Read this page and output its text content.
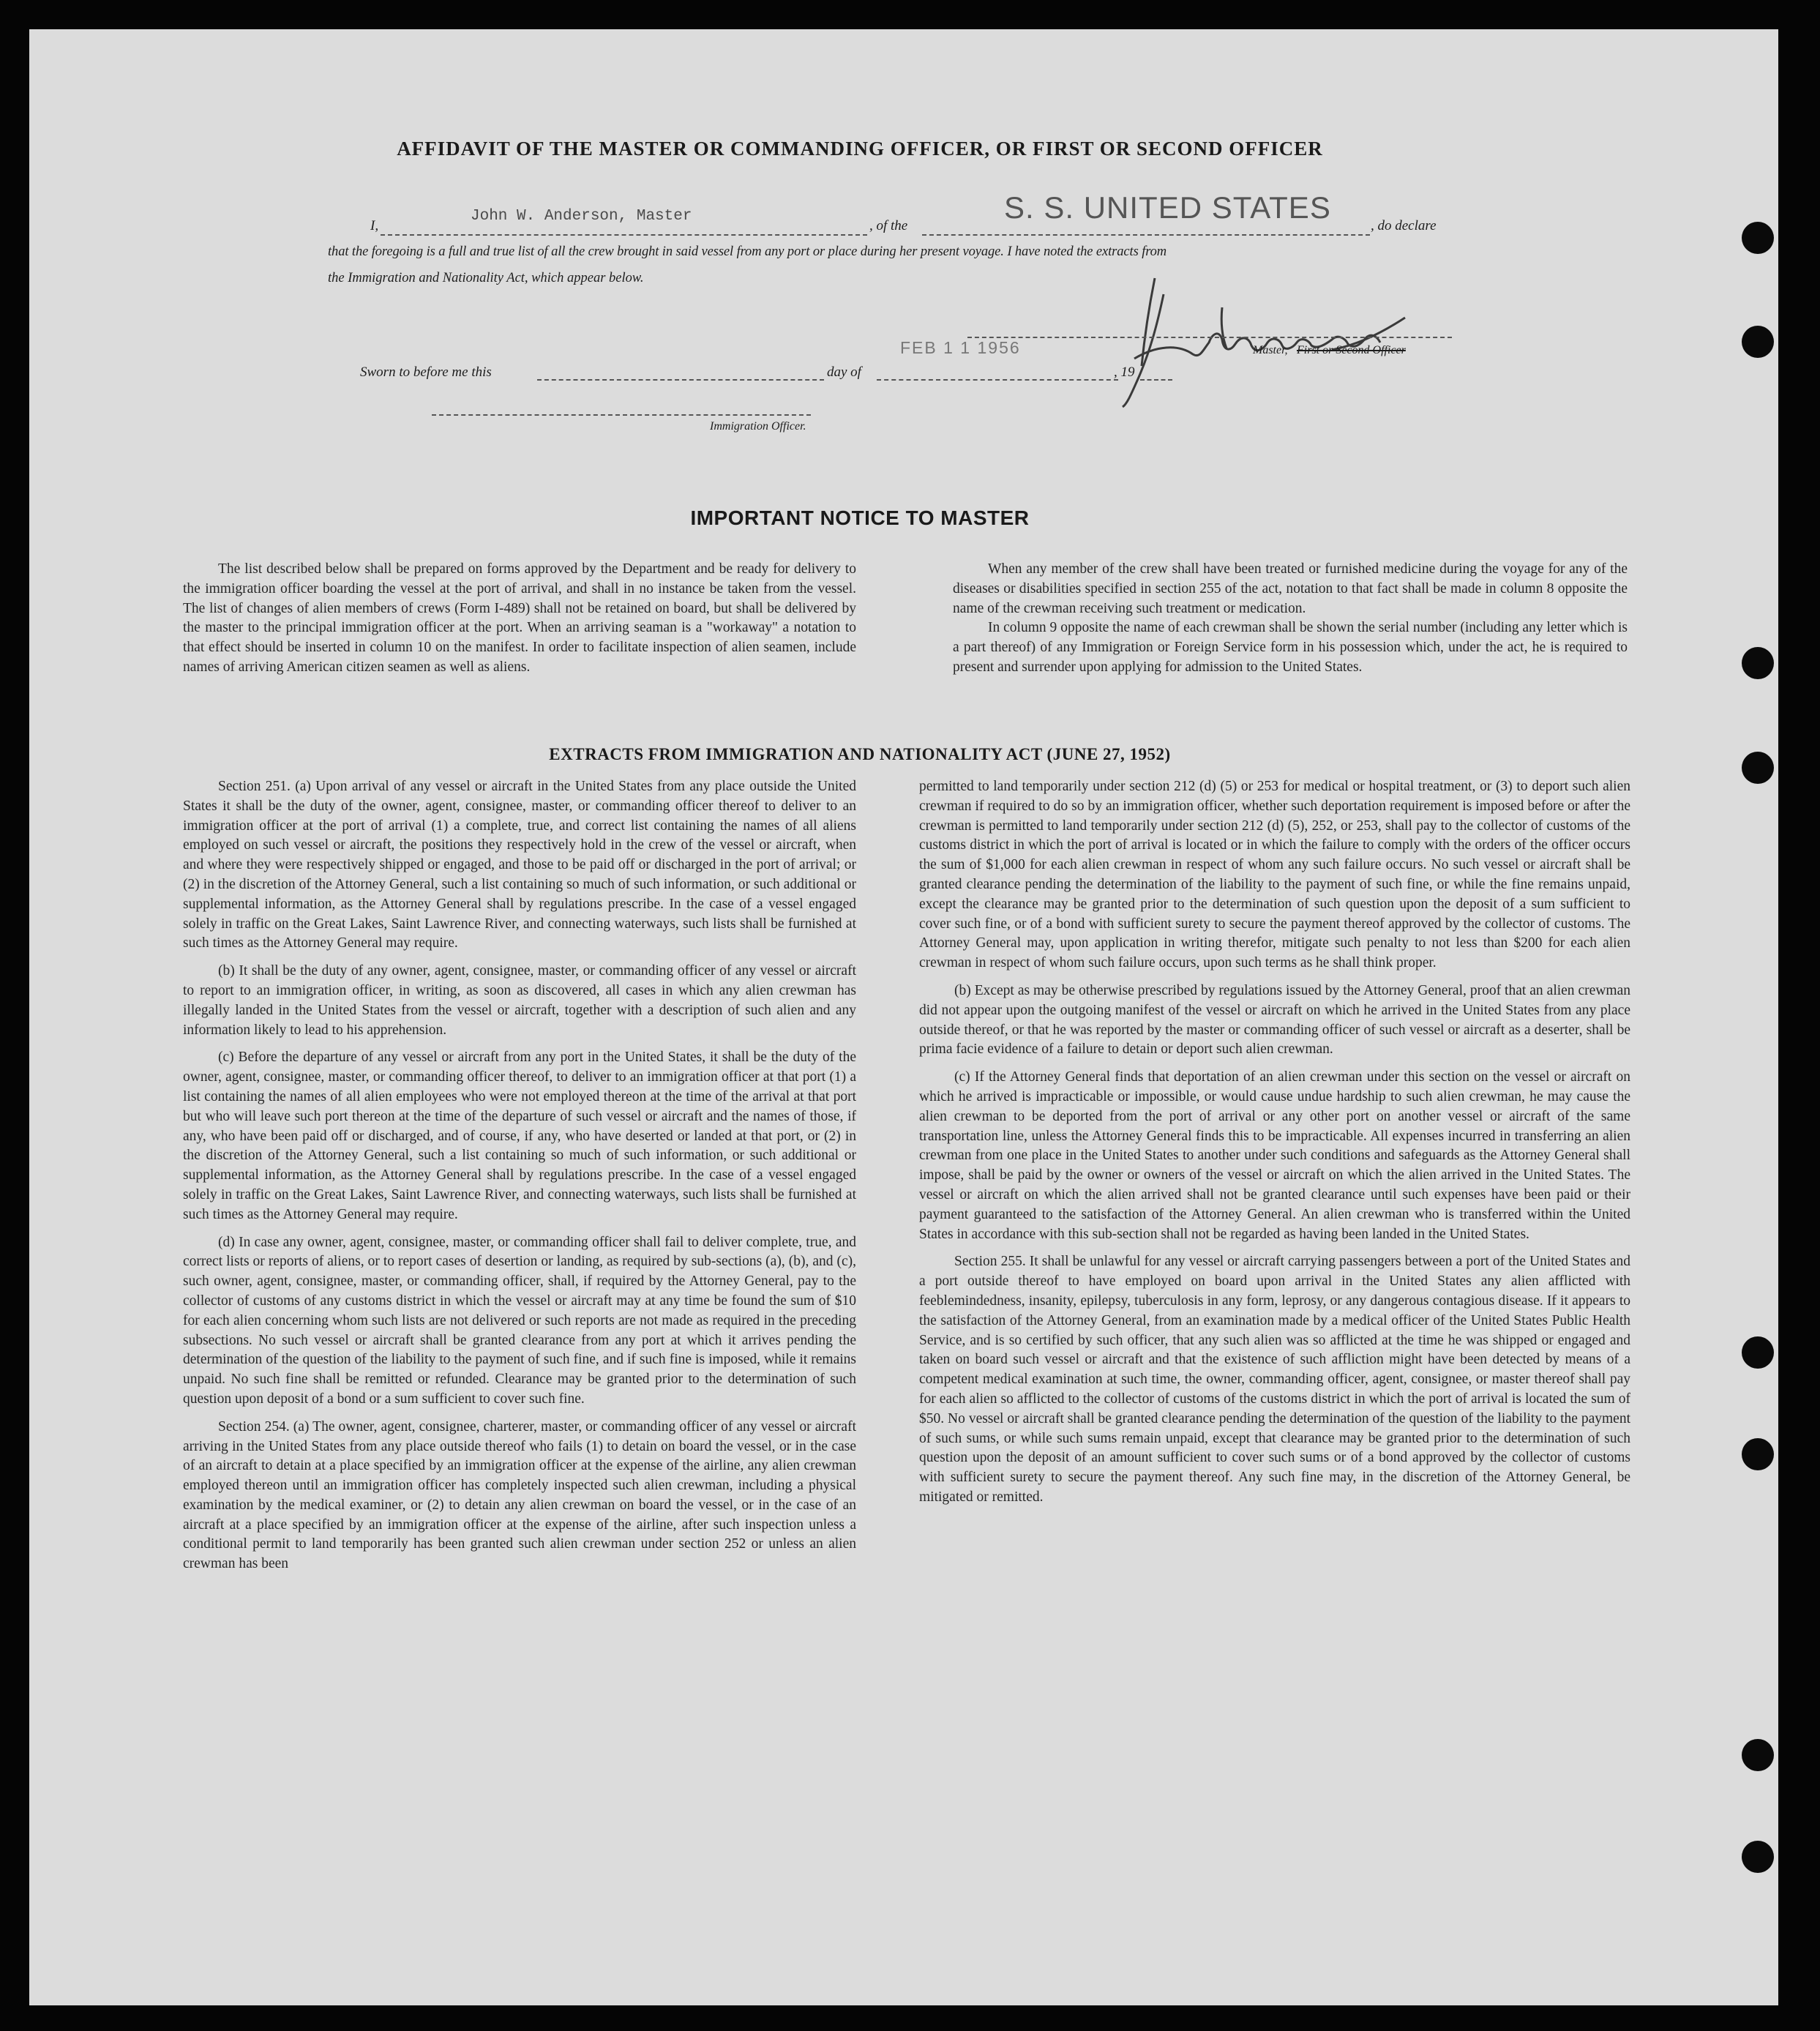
AFFIDAVIT OF THE MASTER OR COMMANDING OFFICER, OR FIRST OR SECOND OFFICER
I,
John W. Anderson, Master
, of the
S. S. UNITED STATES
, do declare
that the foregoing is a full and true list of all the crew brought in said vessel from any port or place during her present voyage. I have noted the extracts from
the Immigration and Nationality Act, which appear below.
Master, First or Second Officer
Sworn to before me this	day of
FEB 1 1 1956
, 19
Immigration Officer.
IMPORTANT NOTICE TO MASTER

The list described below shall be prepared on forms approved by the Department and be ready for delivery to the immigration officer boarding the vessel at the port of arrival, and shall in no instance be taken from the vessel. The list of changes of alien members of crews (Form I-489) shall not be retained on board, but shall be delivered by the master to the principal immigration officer at the port. When an arriving seaman is a "workaway" a notation to that effect should be inserted in column 10 on the manifest. In order to facilitate inspection of alien seamen, include names of arriving American citizen seamen as well as aliens.

When any member of the crew shall have been treated or furnished medicine during the voyage for any of the diseases or disabilities specified in section 255 of the act, notation to that fact shall be made in column 8 opposite the name of the crewman receiving such treatment or medication.

In column 9 opposite the name of each crewman shall be shown the serial number (including any letter which is a part thereof) of any Immigration or Foreign Service form in his possession which, under the act, he is required to present and surrender upon applying for admission to the United States.

EXTRACTS FROM IMMIGRATION AND NATIONALITY ACT (JUNE 27, 1952)

Section 251. (a) Upon arrival of any vessel or aircraft in the United States from any place outside the United States it shall be the duty of the owner, agent, consignee, master, or commanding officer thereof to deliver to an immigration officer at the port of arrival (1) a complete, true, and correct list containing the names of all aliens employed on such vessel or aircraft, the positions they respectively hold in the crew of the vessel or aircraft, when and where they were respectively shipped or engaged, and those to be paid off or discharged in the port of arrival; or (2) in the discretion of the Attorney General, such a list containing so much of such information, or such additional or supplemental information, as the Attorney General shall by regulations prescribe. In the case of a vessel engaged solely in traffic on the Great Lakes, Saint Lawrence River, and connecting waterways, such lists shall be furnished at such times as the Attorney General may require.

(b) It shall be the duty of any owner, agent, consignee, master, or commanding officer of any vessel or aircraft to report to an immigration officer, in writing, as soon as discovered, all cases in which any alien crewman has illegally landed in the United States from the vessel or aircraft, together with a description of such alien and any information likely to lead to his apprehension.

(c) Before the departure of any vessel or aircraft from any port in the United States, it shall be the duty of the owner, agent, consignee, master, or commanding officer thereof, to deliver to an immigration officer at that port (1) a list containing the names of all alien employees who were not employed thereon at the time of the arrival at that port but who will leave such port thereon at the time of the departure of such vessel or aircraft and the names of those, if any, who have been paid off or discharged, and of course, if any, who have deserted or landed at that port, or (2) in the discretion of the Attorney General, such a list containing so much of such information, or such additional or supplemental information, as the Attorney General shall by regulations prescribe. In the case of a vessel engaged solely in traffic on the Great Lakes, Saint Lawrence River, and connecting waterways, such lists shall be furnished at such times as the Attorney General may require.

(d) In case any owner, agent, consignee, master, or commanding officer shall fail to deliver complete, true, and correct lists or reports of aliens, or to report cases of desertion or landing, as required by sub-sections (a), (b), and (c), such owner, agent, consignee, master, or commanding officer, shall, if required by the Attorney General, pay to the collector of customs of any customs district in which the vessel or aircraft may at any time be found the sum of $10 for each alien concerning whom such lists are not delivered or such reports are not made as required in the preceding subsections. No such vessel or aircraft shall be granted clearance from any port at which it arrives pending the determination of the question of the liability to the payment of such fine, and if such fine is imposed, while it remains unpaid. No such fine shall be remitted or refunded. Clearance may be granted prior to the determination of such question upon deposit of a bond or a sum sufficient to cover such fine.

Section 254. (a) The owner, agent, consignee, charterer, master, or commanding officer of any vessel or aircraft arriving in the United States from any place outside thereof who fails (1) to detain on board the vessel, or in the case of an aircraft to detain at a place specified by an immigration officer at the expense of the airline, any alien crewman employed thereon until an immigration officer has completely inspected such alien crewman, including a physical examination by the medical examiner, or (2) to detain any alien crewman on board the vessel, or in the case of an aircraft at a place specified by an immigration officer at the expense of the airline, after such inspection unless a conditional permit to land temporarily has been granted such alien crewman under section 252 or unless an alien crewman has been

permitted to land temporarily under section 212 (d) (5) or 253 for medical or hospital treatment, or (3) to deport such alien crewman if required to do so by an immigration officer, whether such deportation requirement is imposed before or after the crewman is permitted to land temporarily under section 212 (d) (5), 252, or 253, shall pay to the collector of customs of the customs district in which the port of arrival is located or in which the failure to comply with the orders of the officer occurs the sum of $1,000 for each alien crewman in respect of whom any such failure occurs. No such vessel or aircraft shall be granted clearance pending the determination of the liability to the payment of such fine, or while the fine remains unpaid, except the clearance may be granted prior to the determination of such question upon the deposit of a sum sufficient to cover such fine, or of a bond with sufficient surety to secure the payment thereof approved by the collector of customs. The Attorney General may, upon application in writing therefor, mitigate such penalty to not less than $200 for each alien crewman in respect of whom such failure occurs, upon such terms as he shall think proper.

(b) Except as may be otherwise prescribed by regulations issued by the Attorney General, proof that an alien crewman did not appear upon the outgoing manifest of the vessel or aircraft on which he arrived in the United States from any place outside thereof, or that he was reported by the master or commanding officer of such vessel or aircraft as a deserter, shall be prima facie evidence of a failure to detain or deport such alien crewman.

(c) If the Attorney General finds that deportation of an alien crewman under this section on the vessel or aircraft on which he arrived is impracticable or impossible, or would cause undue hardship to such alien crewman, he may cause the alien crewman to be deported from the port of arrival or any other port on another vessel or aircraft of the same transportation line, unless the Attorney General finds this to be impracticable. All expenses incurred in transferring an alien crewman from one place in the United States to another under such conditions and safeguards as the Attorney General shall impose, shall be paid by the owner or owners of the vessel or aircraft on which the alien arrived in the United States. The vessel or aircraft on which the alien arrived shall not be granted clearance until such expenses have been paid or their payment guaranteed to the satisfaction of the Attorney General. An alien crewman who is transferred within the United States in accordance with this sub-section shall not be regarded as having been landed in the United States.

Section 255. It shall be unlawful for any vessel or aircraft carrying passengers between a port of the United States and a port outside thereof to have employed on board upon arrival in the United States any alien afflicted with feeblemindedness, insanity, epilepsy, tuberculosis in any form, leprosy, or any dangerous contagious disease. If it appears to the satisfaction of the Attorney General, from an examination made by a medical officer of the United States Public Health Service, and is so certified by such officer, that any such alien was so afflicted at the time he was shipped or engaged and taken on board such vessel or aircraft and that the existence of such affliction might have been detected by means of a competent medical examination at such time, the owner, commanding officer, agent, consignee, or master thereof shall pay for each alien so afflicted to the collector of customs of the customs district in which the port of arrival is located the sum of $50. No vessel or aircraft shall be granted clearance pending the determination of the question of the liability to the payment of such sums, or while such sums remain unpaid, except that clearance may be granted prior to the determination of such question upon the deposit of an amount sufficient to cover such sums or of a bond approved by the collector of customs with sufficient surety to secure the payment thereof. Any such fine may, in the discretion of the Attorney General, be mitigated or remitted.
